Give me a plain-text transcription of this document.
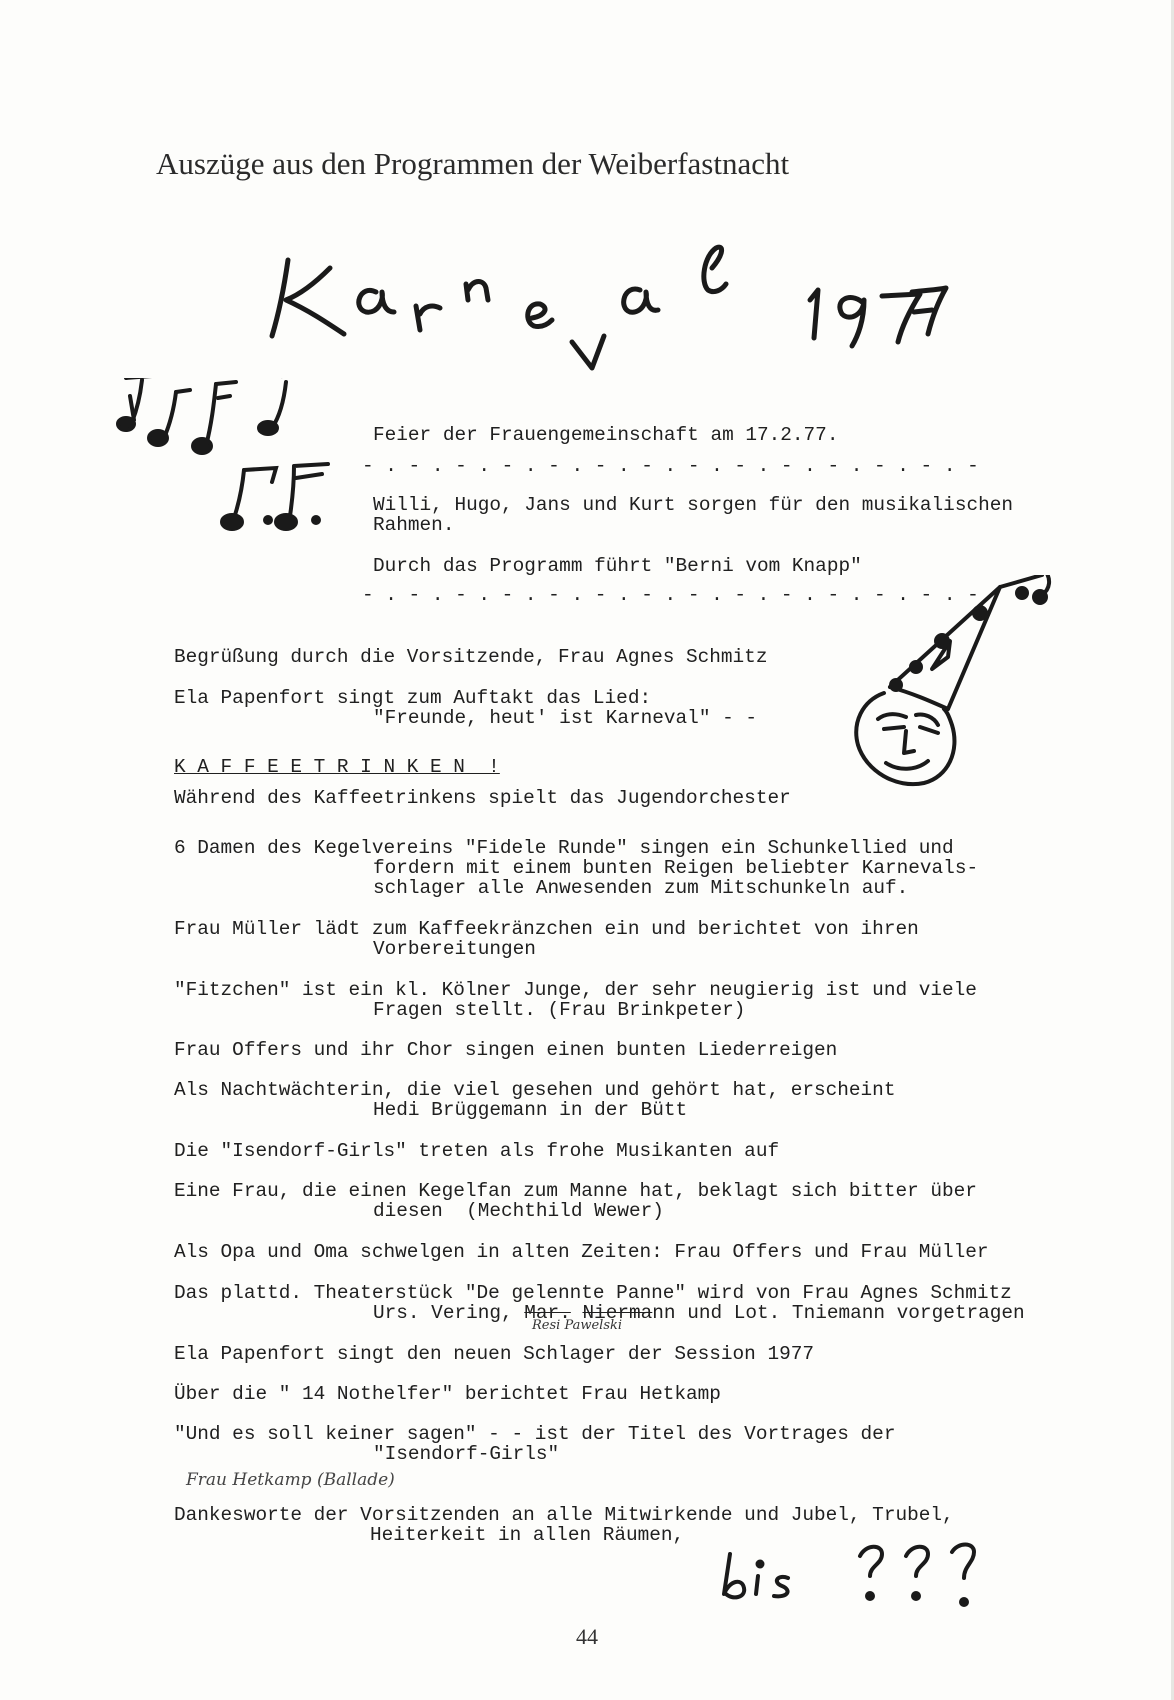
Auszüge aus den Programmen der Weiberfastnacht
Feier der Frauengemeinschaft am 17.2.77.
- . - . - . - . - . - . - . - . - . - . - . - . - . -
Willi, Hugo, Jans und Kurt sorgen für den musikalischen
Rahmen.
Durch das Programm führt "Berni vom Knapp"
- . - . - . - . - . - . - . - . - . - . - . - . - . -
Begrüßung durch die Vorsitzende, Frau Agnes Schmitz
Ela Papenfort singt zum Auftakt das Lied:
"Freunde, heut' ist Karneval" - -
K A F F E E T R I N K E N  !
Während des Kaffeetrinkens spielt das Jugendorchester
6 Damen des Kegelvereins "Fidele Runde" singen ein Schunkellied und
fordern mit einem bunten Reigen beliebter Karnevals-
schlager alle Anwesenden zum Mitschunkeln auf.
Frau Müller lädt zum Kaffeekränzchen ein und berichtet von ihren
Vorbereitungen
"Fitzchen" ist ein kl. Kölner Junge, der sehr neugierig ist und viele
Fragen stellt. (Frau Brinkpeter)
Frau Offers und ihr Chor singen einen bunten Liederreigen
Als Nachtwächterin, die viel gesehen und gehört hat, erscheint
Hedi Brüggemann in der Bütt
Die "Isendorf-Girls" treten als frohe Musikanten auf
Eine Frau, die einen Kegelfan zum Manne hat, beklagt sich bitter über
diesen  (Mechthild Wewer)
Als Opa und Oma schwelgen in alten Zeiten: Frau Offers und Frau Müller
Das plattd. Theaterstück "De gelennte Panne" wird von Frau Agnes Schmitz
Urs. Vering, Mar. Niermann und Lot. Tniemann vorgetragen
Ela Papenfort singt den neuen Schlager der Session 1977
Über die " 14 Nothelfer" berichtet Frau Hetkamp
"Und es soll keiner sagen" - - ist der Titel des Vortrages der
"Isendorf-Girls"
Dankesworte der Vorsitzenden an alle Mitwirkende und Jubel, Trubel,
Heiterkeit in allen Räumen,
Resi Pawelski
Frau Hetkamp (Ballade)
44
